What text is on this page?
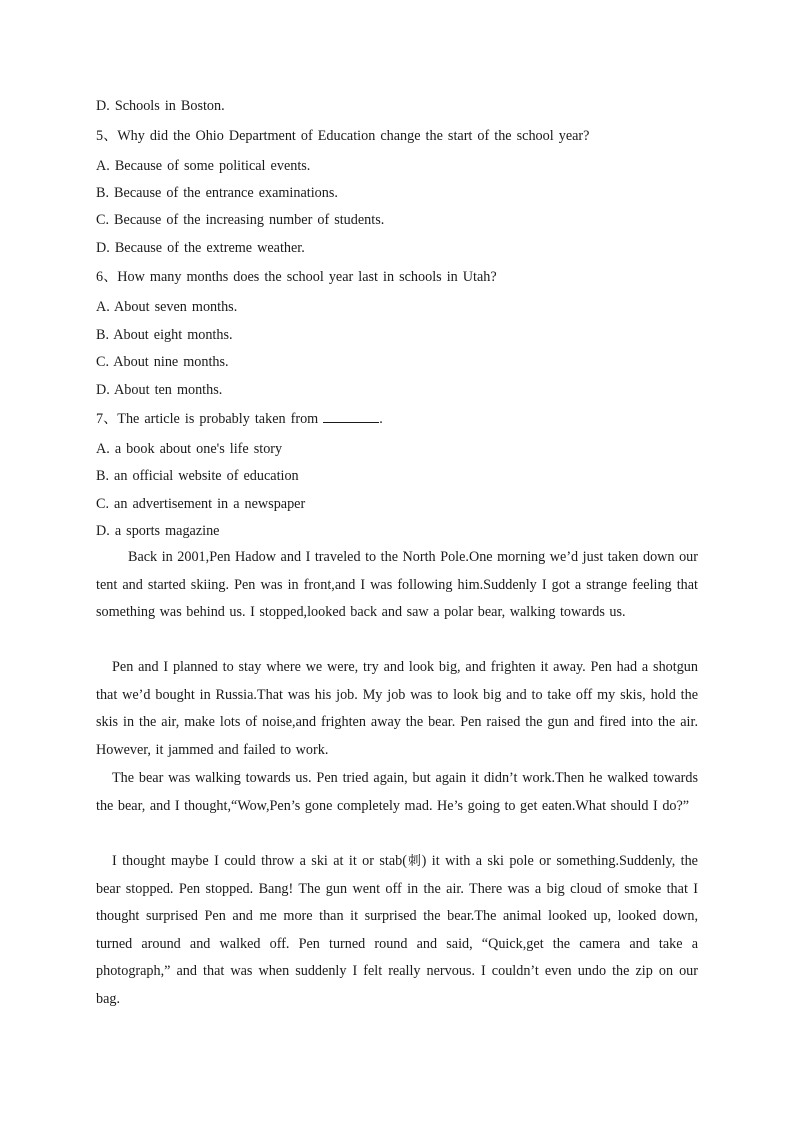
D. Schools in Boston.
5、Why did the Ohio Department of Education change the start of the school year?
A. Because of some political events.
B. Because of the entrance examinations.
C. Because of the increasing number of students.
D. Because of the extreme weather.
6、How many months does the school year last in schools in Utah?
A. About seven months.
B. About eight months.
C. About nine months.
D. About ten months.
7、The article is probably taken from	.
A. a book about one's life story
B. an official website of education
C. an advertisement in a newspaper
D. a sports magazine
Back in 2001,Pen Hadow and I traveled to the North Pole.One morning we’d just taken down our tent and started skiing. Pen was in front,and I was following him.Suddenly I got a strange feeling that something was behind us. I stopped,looked back and saw a polar bear, walking towards us.
Pen and I planned to stay where we were, try and look big, and frighten it away. Pen had a shotgun that we’d bought in Russia.That was his job. My job was to look big and to take off my skis, hold the skis in the air, make lots of noise,and frighten away the bear. Pen raised the gun and fired into the air. However, it jammed and failed to work.
The bear was walking towards us. Pen tried again, but again it didn’t work.Then he walked towards the bear, and I thought,“Wow,Pen’s gone completely mad. He’s going to get eaten.What should I do?”
I thought maybe I could throw a ski at it or stab(刺) it with a ski pole or something.Suddenly, the bear stopped. Pen stopped. Bang! The gun went off in the air. There was a big cloud of smoke that I thought surprised Pen and me more than it surprised the bear.The animal looked up, looked down, turned around and walked off. Pen turned round and said, “Quick,get the camera and take a photograph,” and that was when suddenly I felt really nervous. I couldn’t even undo the zip on our bag.
